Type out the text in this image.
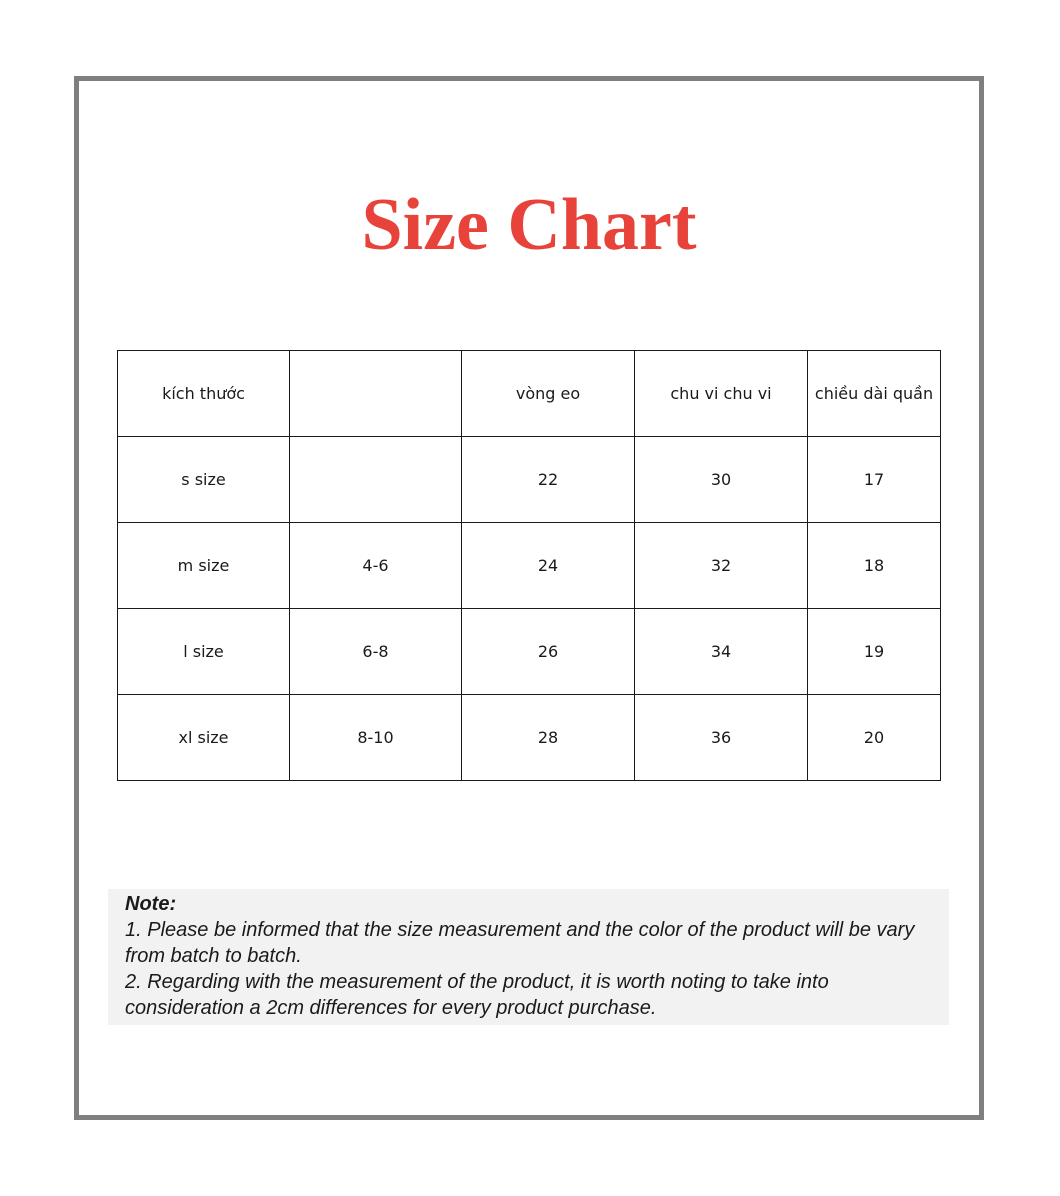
Size Chart
kích thước		vòng eo	chu vi chu vi	chiều dài quần
s size		22	30	17
m size	4-6	24	32	18
l size	6-8	26	34	19
xl size	8-10	28	36	20
Note:
1. Please be informed that the size measurement and the color of the product will be vary from batch to batch.
2. Regarding with the measurement of the product, it is worth noting to take into consideration a 2cm differences for every product purchase.
